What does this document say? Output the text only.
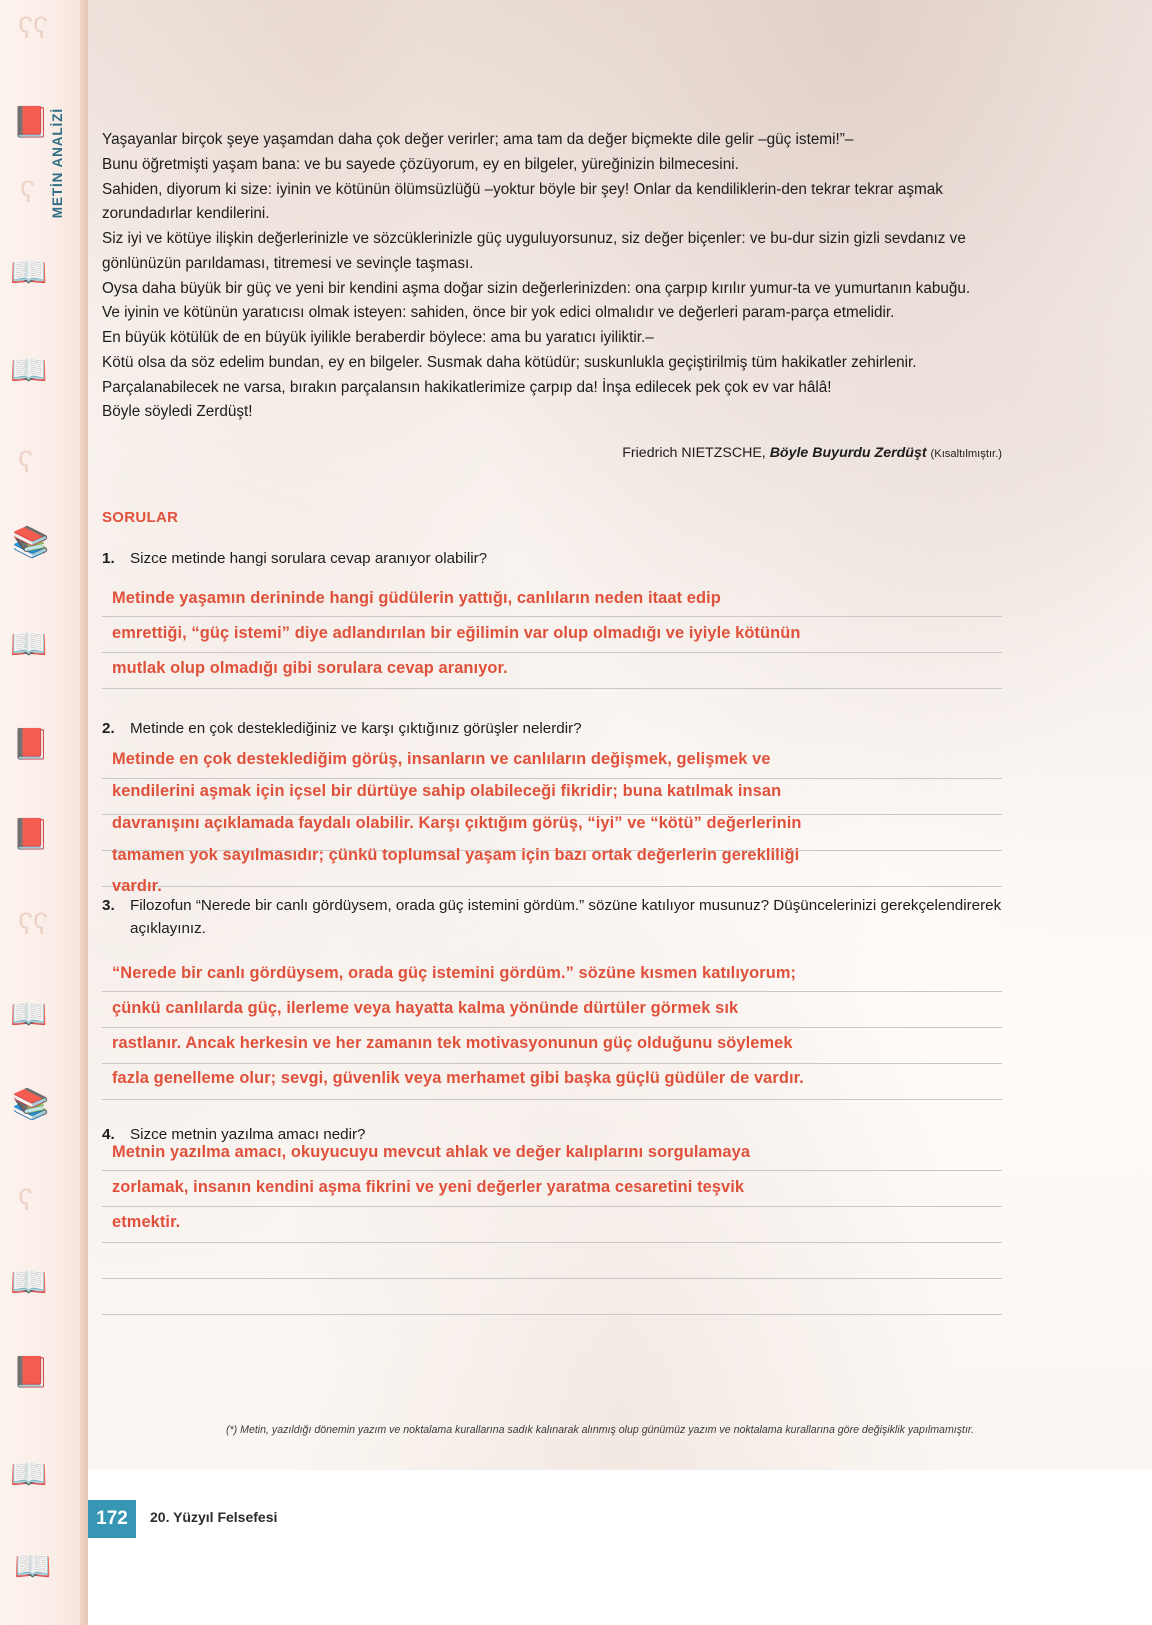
ʕʕ
📕
ʕ
📖
📖
ʕ
📚
📖
📕
📕
ʕʕ
📖
📚
ʕ
📖
📕
📖
📖
METİN ANALİZİ Yaşayanlar birçok şeye yaşamdan daha çok değer verirler; ama tam da değer biçmekte dile gelir –güç istemi!”–

Bunu öğretmişti yaşam bana: ve bu sayede çözüyorum, ey en bilgeler, yüreğinizin bilmecesini.

Sahiden, diyorum ki size: iyinin ve kötünün ölümsüzlüğü –yoktur böyle bir şey! Onlar da kendiliklerin-den tekrar tekrar aşmak zorundadırlar kendilerini.

Siz iyi ve kötüye ilişkin değerlerinizle ve sözcüklerinizle güç uyguluyorsunuz, siz değer biçenler: ve bu-dur sizin gizli sevdanız ve gönlünüzün parıldaması, titremesi ve sevinçle taşması.

Oysa daha büyük bir güç ve yeni bir kendini aşma doğar sizin değerlerinizden: ona çarpıp kırılır yumur-ta ve yumurtanın kabuğu.

Ve iyinin ve kötünün yaratıcısı olmak isteyen: sahiden, önce bir yok edici olmalıdır ve değerleri param-parça etmelidir.

En büyük kötülük de en büyük iyilikle beraberdir böylece: ama bu yaratıcı iyiliktir.–

Kötü olsa da söz edelim bundan, ey en bilgeler. Susmak daha kötüdür; suskunlukla geçiştirilmiş tüm hakikatler zehirlenir.

Parçalanabilecek ne varsa, bırakın parçalansın hakikatlerimize çarpıp da! İnşa edilecek pek çok ev var hâlâ!

Böyle söyledi Zerdüşt!

Friedrich NIETZSCHE, Böyle Buyurdu Zerdüşt (Kısaltılmıştır.)
SORULAR
1.	Sizce metinde hangi sorulara cevap aranıyor olabilir?
Metinde yaşamın derininde hangi güdülerin yattığı, canlıların neden itaat edip
emrettiği, “güç istemi” diye adlandırılan bir eğilimin var olup olmadığı ve iyiyle kötünün
mutlak olup olmadığı gibi sorulara cevap aranıyor.
2.	Metinde en çok desteklediğiniz ve karşı çıktığınız görüşler nelerdir?
Metinde en çok desteklediğim görüş, insanların ve canlıların değişmek, gelişmek ve
kendilerini aşmak için içsel bir dürtüye sahip olabileceği fikridir; buna katılmak insan
davranışını açıklamada faydalı olabilir. Karşı çıktığım görüş, “iyi” ve “kötü” değerlerinin
tamamen yok sayılmasıdır; çünkü toplumsal yaşam için bazı ortak değerlerin gerekliliği
vardır.
3.	Filozofun “Nerede bir canlı gördüysem, orada güç istemini gördüm.” sözüne katılıyor musunuz? Düşüncelerinizi gerekçelendirerek açıklayınız.
“Nerede bir canlı gördüysem, orada güç istemini gördüm.” sözüne kısmen katılıyorum;
çünkü canlılarda güç, ilerleme veya hayatta kalma yönünde dürtüler görmek sık
rastlanır. Ancak herkesin ve her zamanın tek motivasyonunun güç olduğunu söylemek
fazla genelleme olur; sevgi, güvenlik veya merhamet gibi başka güçlü güdüler de vardır.
4.	Sizce metnin yazılma amacı nedir?
Metnin yazılma amacı, okuyucuyu mevcut ahlak ve değer kalıplarını sorgulamaya
zorlamak, insanın kendini aşma fikrini ve yeni değerler yaratma cesaretini teşvik
etmektir.
(*) Metin, yazıldığı dönemin yazım ve noktalama kurallarına sadık kalınarak alınmış olup günümüz yazım ve noktalama kurallarına göre değişiklik yapılmamıştır.
172	20. Yüzyıl Felsefesi
